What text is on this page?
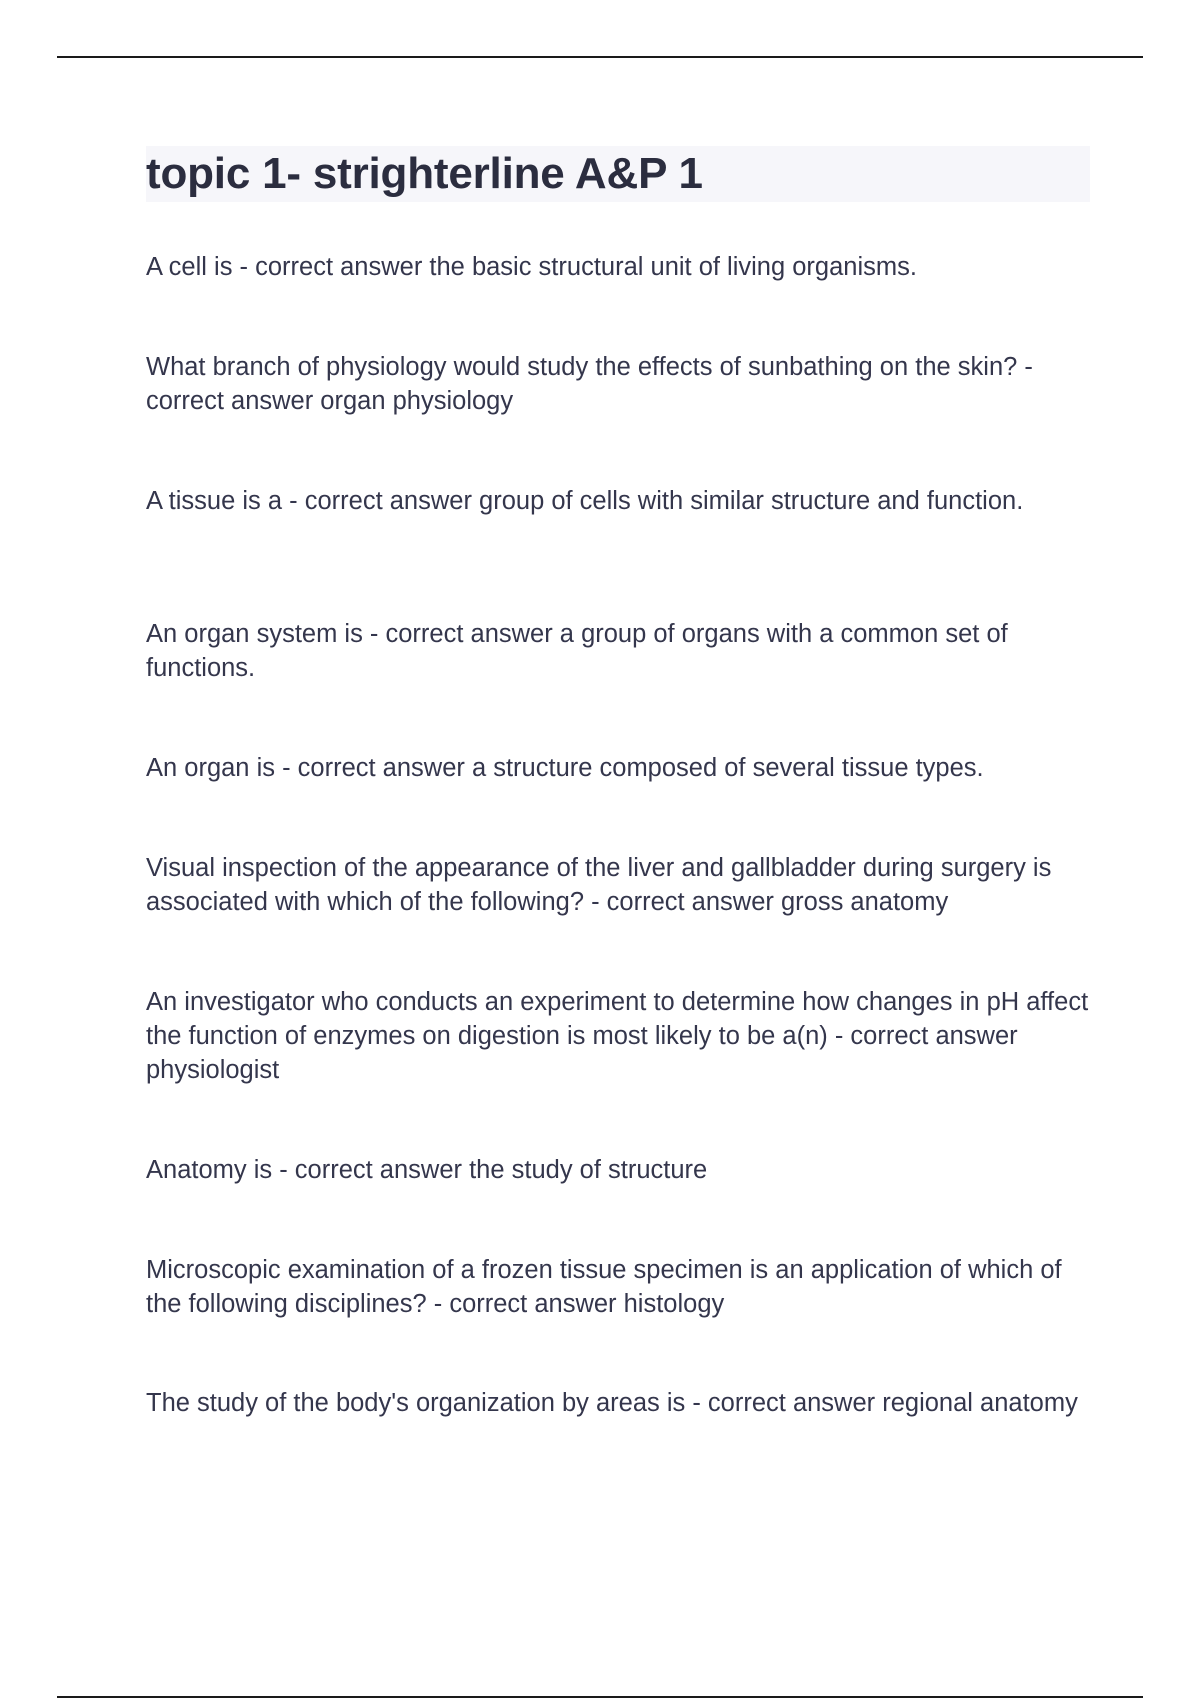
topic 1- strighterline A&P 1
A cell is - correct answer the basic structural unit of living organisms.
What branch of physiology would study the effects of sunbathing on the skin? - correct answer organ physiology
A tissue is a - correct answer group of cells with similar structure and function.
An organ system is - correct answer a group of organs with a common set of functions.
An organ is - correct answer a structure composed of several tissue types.
Visual inspection of the appearance of the liver and gallbladder during surgery is associated with which of the following? - correct answer gross anatomy
An investigator who conducts an experiment to determine how changes in pH affect the function of enzymes on digestion is most likely to be a(n) - correct answer physiologist
Anatomy is - correct answer the study of structure
Microscopic examination of a frozen tissue specimen is an application of which of the following disciplines? - correct answer histology
The study of the body's organization by areas is - correct answer regional anatomy
